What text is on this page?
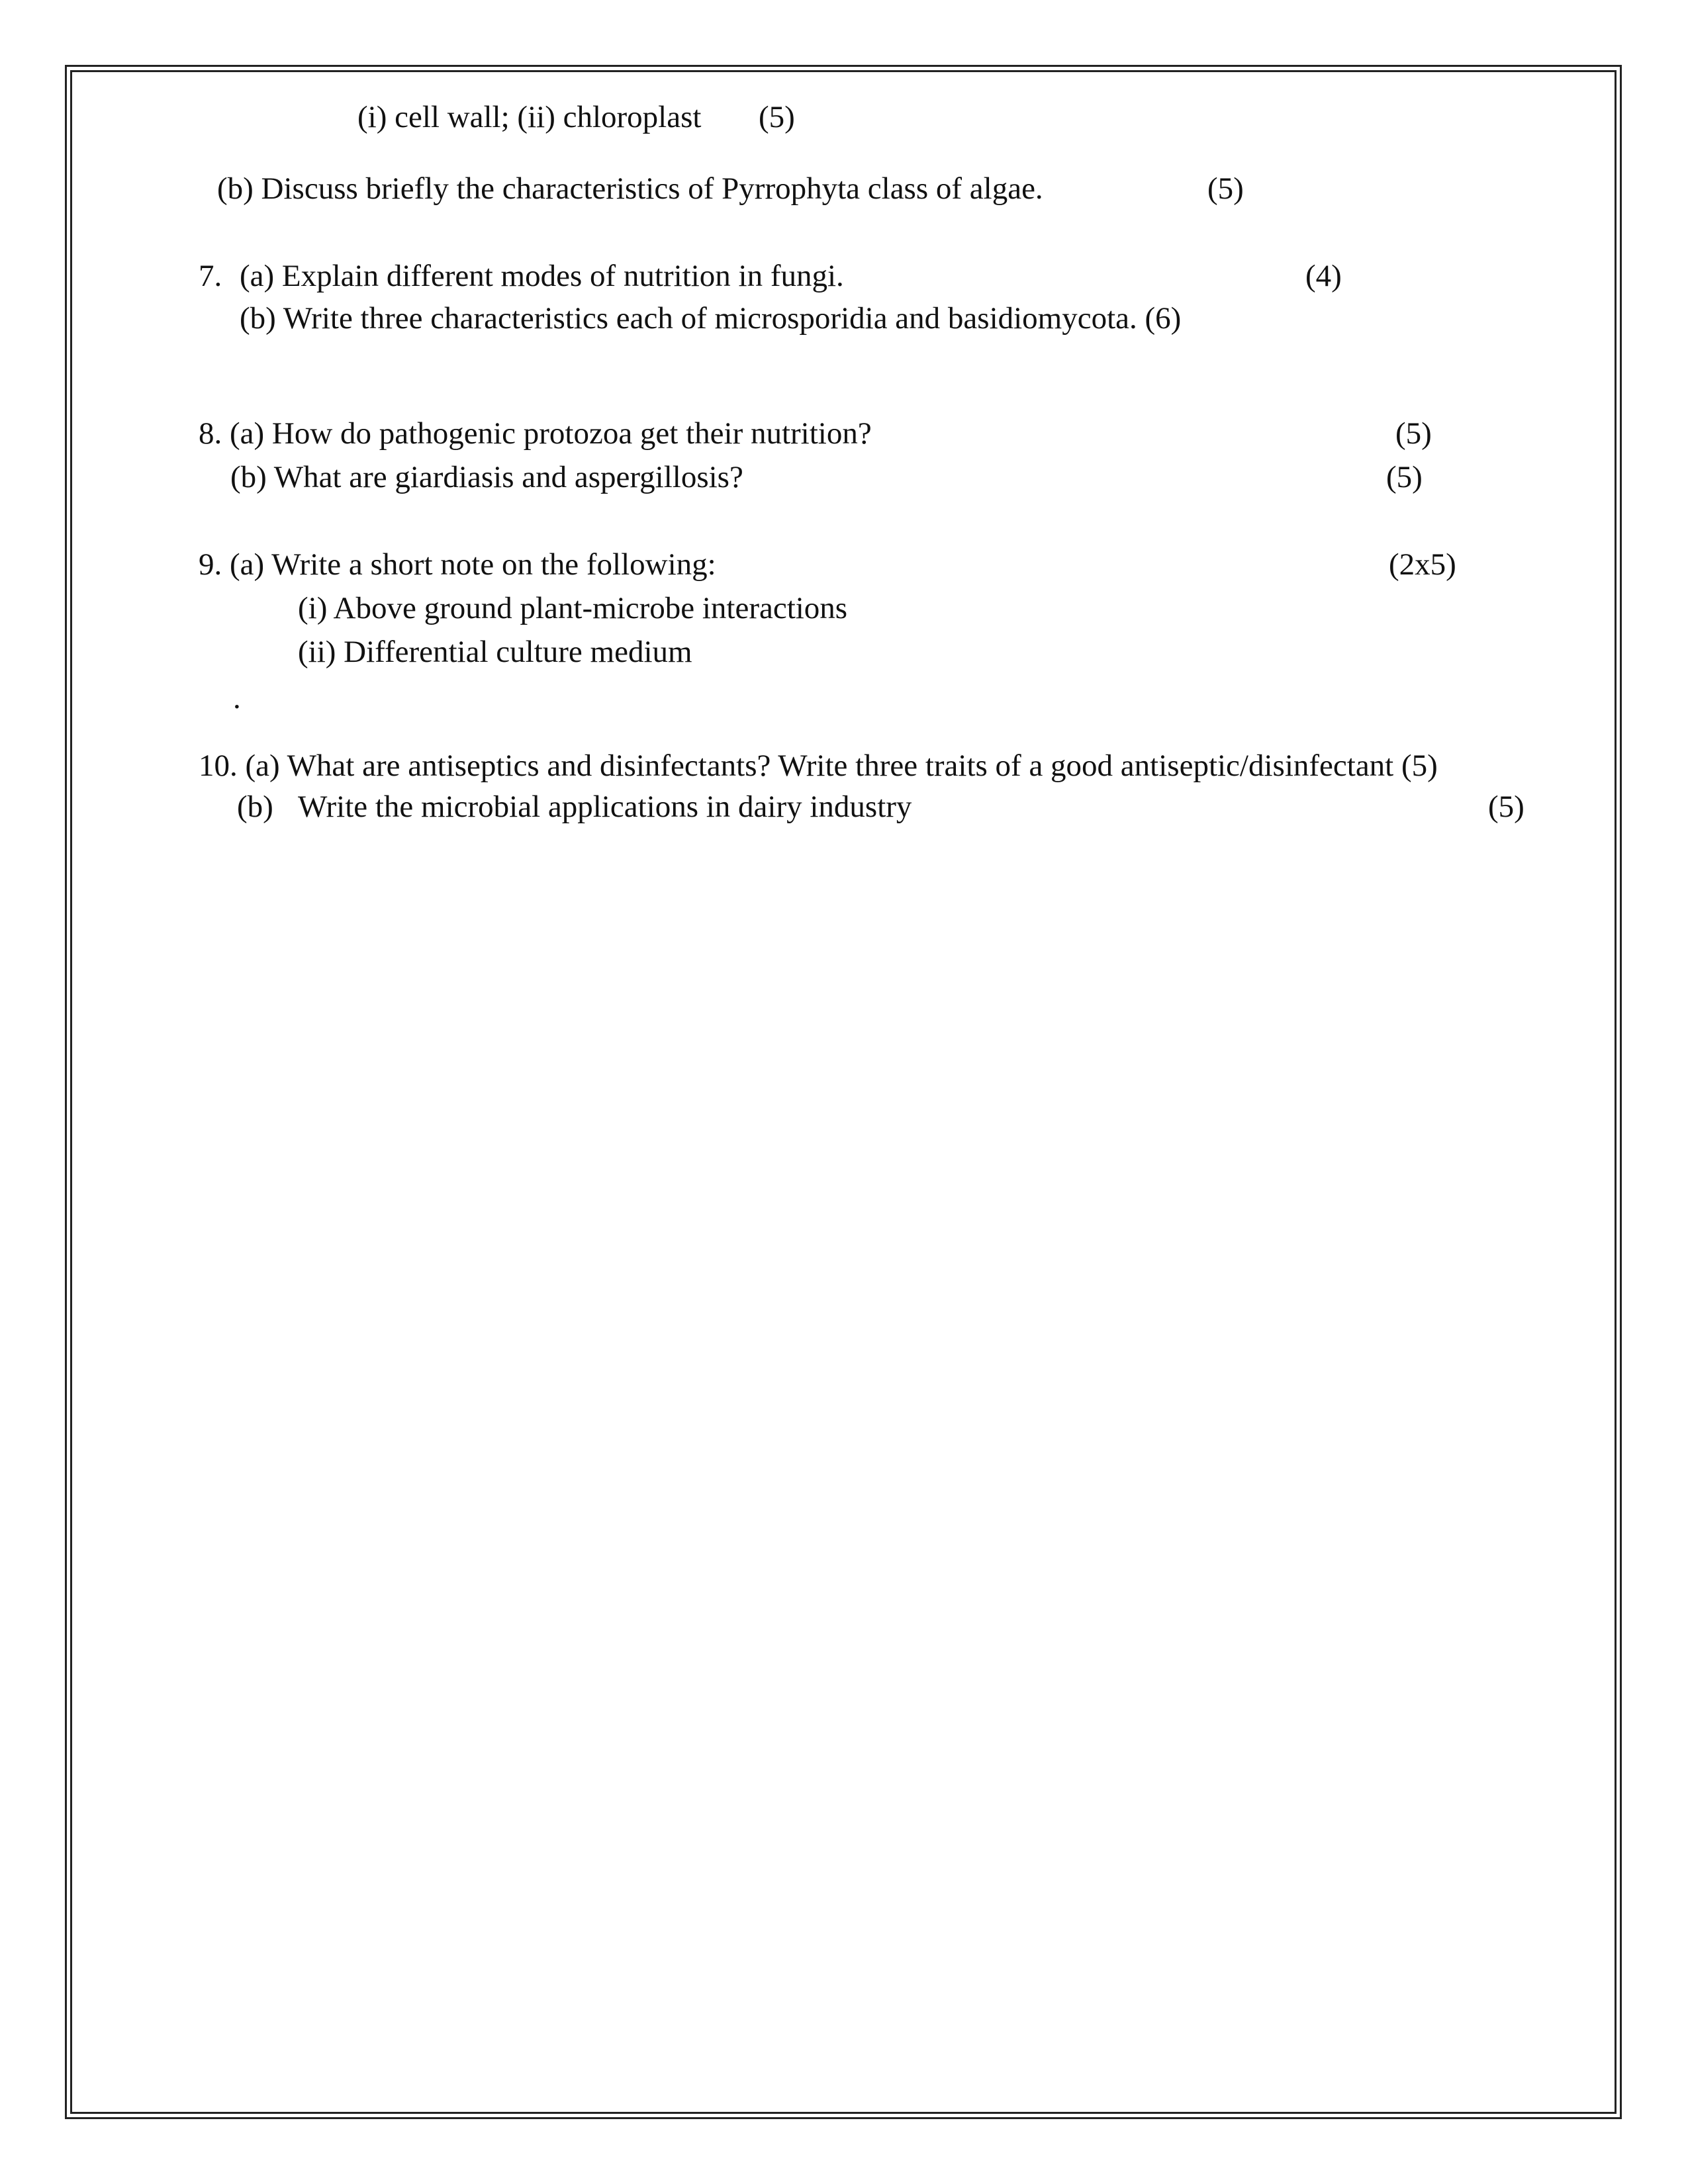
(i) cell wall; (ii) chloroplast (5)
(b) Discuss briefly the characteristics of Pyrrophyta class of algae.	(5)
7. (a) Explain different modes of nutrition in fungi.	(4)
(b) Write three characteristics each of microsporidia and basidiomycota. (6)
8. (a) How do pathogenic protozoa get their nutrition?	(5)
(b) What are giardiasis and aspergillosis?	(5)
9. (a) Write a short note on the following:	(2x5)
(i) Above ground plant-microbe interactions
(ii) Differential culture medium
.
10. (a) What are antiseptics and disinfectants? Write three traits of a good antiseptic/disinfectant (5)
(b) Write the microbial applications in dairy industry	(5)
